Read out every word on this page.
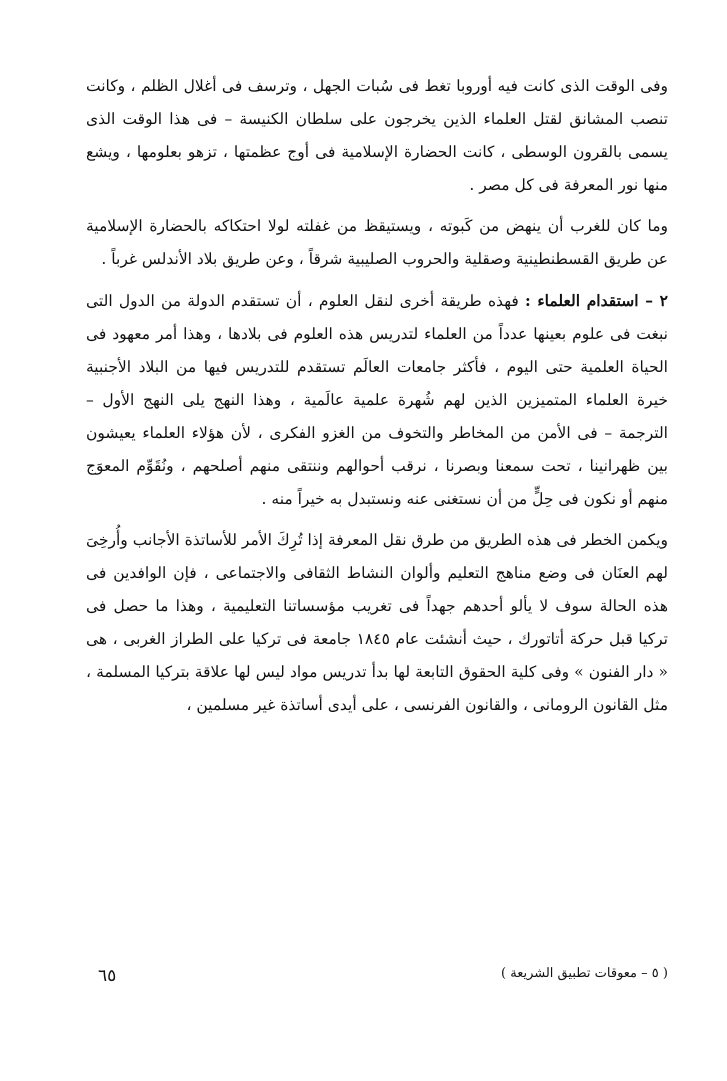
وفى الوقت الذى كانت فيه أوروبا تغط فى سُبات الجهل ، وترسف فى أغلال الظلم ، وكانت تنصب المشانق لقتل العلماء الذين يخرجون على سلطان الكنيسة – فى هذا الوقت الذى يسمى بالقرون الوسطى ، كانت الحضارة الإسلامية فى أوج عظمتها ، تزهو بعلومها ، ويشع منها نور المعرفة فى كل مصر .

وما كان للغرب أن ينهض من كَبوته ، ويستيقظ من غفلته لولا احتكاكه بالحضارة الإسلامية عن طريق القسطنطينية وصقلية والحروب الصليبية شرقاً ، وعن طريق بلاد الأندلس غرباً .

٢ – استقدام العلماء : فهذه طريقة أخرى لنقل العلوم ، أن تستقدم الدولة من الدول التى نبغت فى علوم بعينها عدداً من العلماء لتدريس هذه العلوم فى بلادها ، وهذا أمر معهود فى الحياة العلمية حتى اليوم ، فأكثر جامعات العالَم تستقدم للتدريس فيها من البلاد الأجنبية خيرة العلماء المتميزين الذين لهم شُهرة علمية عالَمية ، وهذا النهج يلى النهج الأول – الترجمة – فى الأمن من المخاطر والتخوف من الغزو الفكرى ، لأن هؤلاء العلماء يعيشون بين ظهرانينا ، تحت سمعنا وبصرنا ، نرقب أحوالهم وننتقى منهم أصلحهم ، ونُقَوِّم المعوَج منهم أو نكون فى حِلٍّ من أن نستغنى عنه ونستبدل به خيراً منه .

ويكمن الخطر فى هذه الطريق من طرق نقل المعرفة إذا تُرِكَ الأمر للأساتذة الأجانب وأُرخِىَ لهم العنَان فى وضع مناهج التعليم وألوان النشاط الثقافى والاجتماعى ، فإن الوافدين فى هذه الحالة سوف لا يألو أحدهم جهداً فى تغريب مؤسساتنا التعليمية ، وهذا ما حصل فى تركيا قبل حركة أتاتورك ، حيث أنشئت عام ١٨٤٥ جامعة فى تركيا على الطراز الغربى ، هى « دار الفنون » وفى كلية الحقوق التابعة لها بدأ تدريس مواد ليس لها علاقة بتركيا المسلمة ، مثل القانون الرومانى ، والقانون الفرنسى ، على أيدى أساتذة غير مسلمين ،

( ٥ – معوقات تطبيق الشريعة )
٦٥
